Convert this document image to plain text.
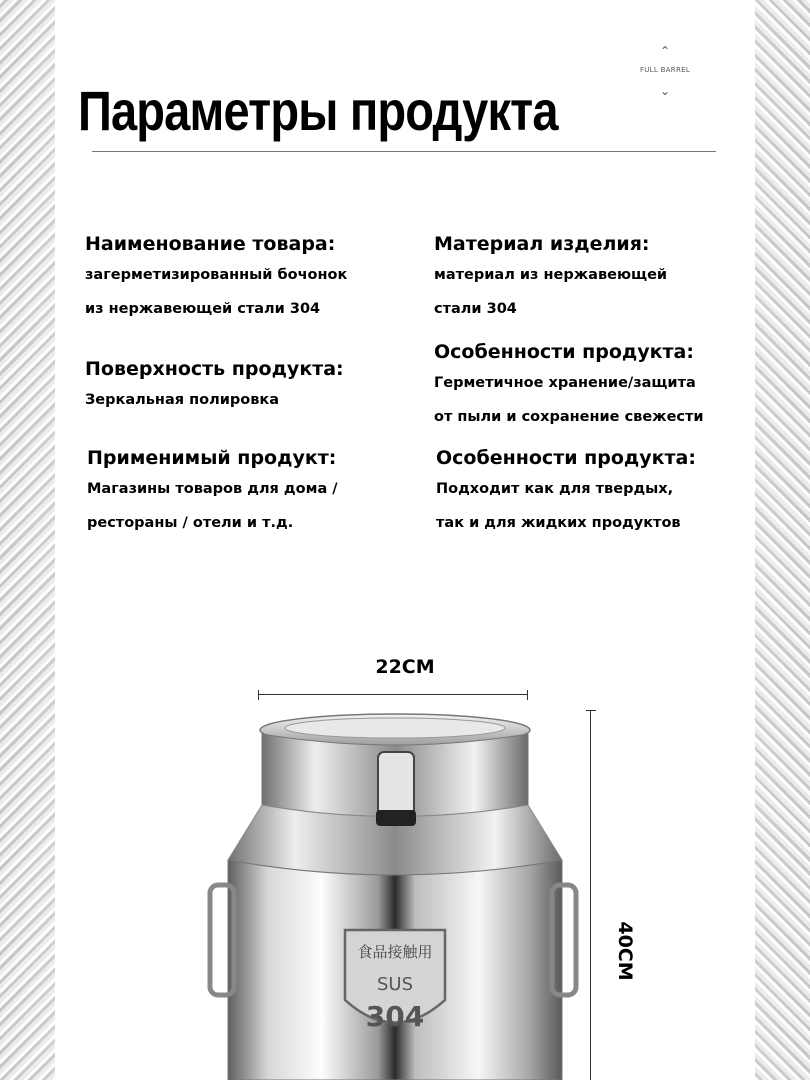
Параметры продукта
⌃
FULL BARREL
⌄

Наименование товара:

загерметизированный бочонок
из нержавеющей стали 304

Поверхность продукта:

Зеркальная полировка

Применимый продукт:

Магазины товаров для дома /
рестораны / отели и т.д.

Материал изделия:

материал из нержавеющей
стали 304

Особенности продукта:

Герметичное хранение/защита
от пыли и сохранение свежести

Особенности продукта:

Подходит как для твердых,
так и для жидких продуктов

22CM
40CM
食品接触用
SUS
304
